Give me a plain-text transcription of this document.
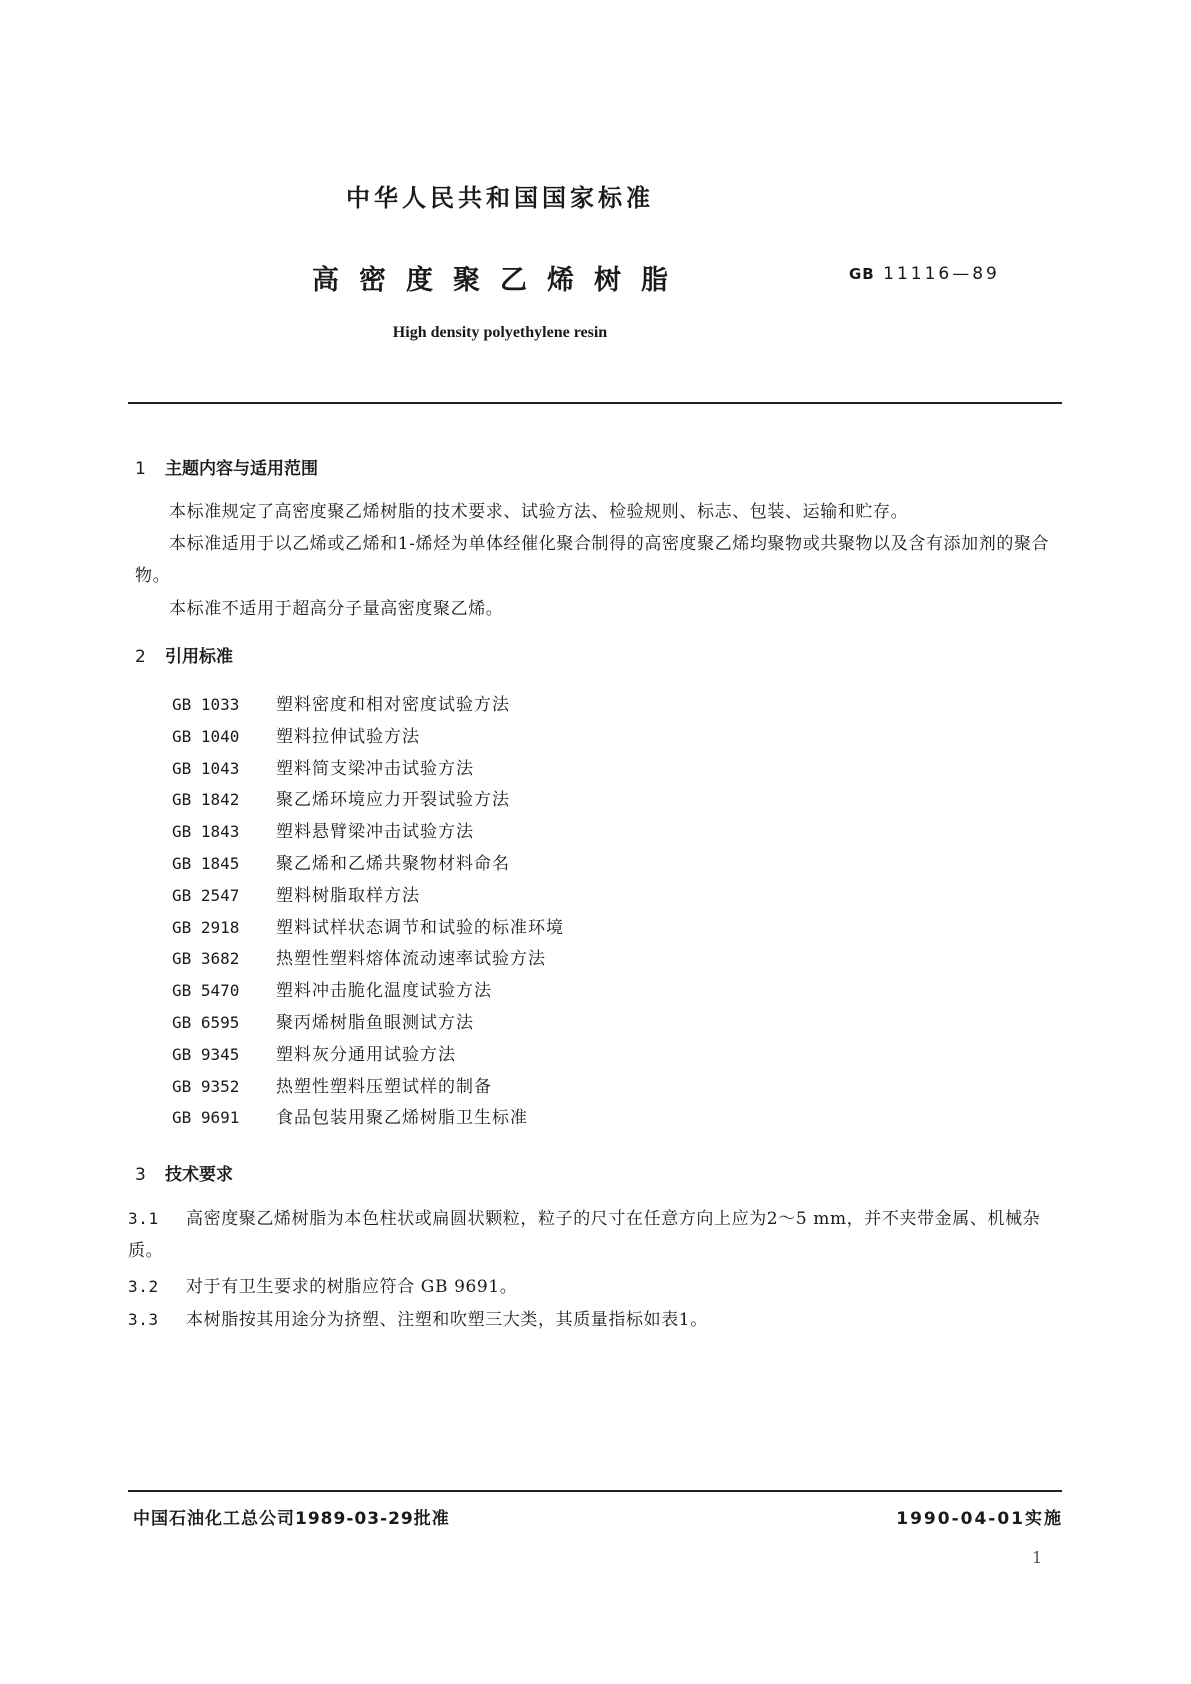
中华人民共和国国家标准
高密度聚乙烯树脂	GB 11116—89
High density polyethylene resin
1 主题内容与适用范围
本标准规定了高密度聚乙烯树脂的技术要求、试验方法、检验规则、标志、包装、运输和贮存。
本标准适用于以乙烯或乙烯和1-烯烃为单体经催化聚合制得的高密度聚乙烯均聚物或共聚物以及含有添加剂的聚合物。
本标准不适用于超高分子量高密度聚乙烯。
2 引用标准
GB 1033 塑料密度和相对密度试验方法
GB 1040 塑料拉伸试验方法
GB 1043 塑料简支梁冲击试验方法
GB 1842 聚乙烯环境应力开裂试验方法
GB 1843 塑料悬臂梁冲击试验方法
GB 1845 聚乙烯和乙烯共聚物材料命名
GB 2547 塑料树脂取样方法
GB 2918 塑料试样状态调节和试验的标准环境
GB 3682 热塑性塑料熔体流动速率试验方法
GB 5470 塑料冲击脆化温度试验方法
GB 6595 聚丙烯树脂鱼眼测试方法
GB 9345 塑料灰分通用试验方法
GB 9352 热塑性塑料压塑试样的制备
GB 9691 食品包装用聚乙烯树脂卫生标准
3 技术要求
3.1 高密度聚乙烯树脂为本色柱状或扁圆状颗粒，粒子的尺寸在任意方向上应为2～5 mm，并不夹带金属、机械杂质。
3.2 对于有卫生要求的树脂应符合 GB 9691。
3.3 本树脂按其用途分为挤塑、注塑和吹塑三大类，其质量指标如表1。
中国石油化工总公司1989-03-29批准	1990-04-01实施
1
